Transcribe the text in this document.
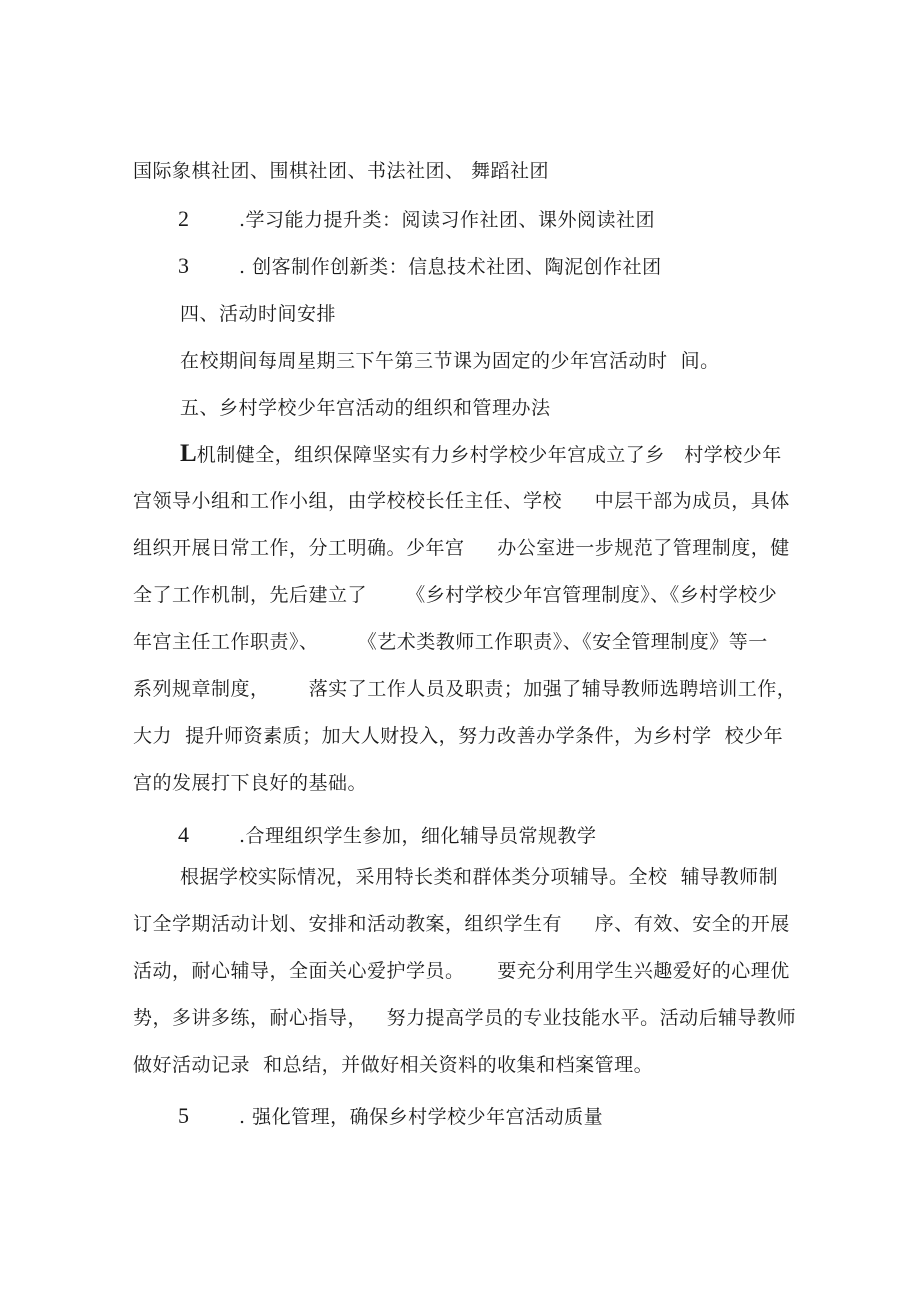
国际象棋社团、围棋社团、书法社团、 舞蹈社团
2	.学习能力提升类：阅读习作社团、课外阅读社团
3	. 创客制作创新类：信息技术社团、陶泥创作社团
四、活动时间安排
在校期间每周星期三下午第三节课为固定的少年宫活动时  间。
五、乡村学校少年宫活动的组织和管理办法
L机制健全，组织保障坚实有力乡村学校少年宫成立了乡   村学校少年
宫领导小组和工作小组，由学校校长任主任、学校     中层干部为成员，具体
组织开展日常工作，分工明确。少年宫     办公室进一步规范了管理制度，健
全了工作机制，先后建立了      《乡村学校少年宫管理制度》、《乡村学校少
年宫主任工作职责》、      《艺术类教师工作职责》、《安全管理制度》等一
系列规章制度，      落实了工作人员及职责；加强了辅导教师选聘培训工作，
大力  提升师资素质；加大人财投入，努力改善办学条件，为乡村学  校少年
宫的发展打下良好的基础。
4	.合理组织学生参加，细化辅导员常规教学
根据学校实际情况，采用特长类和群体类分项辅导。全校  辅导教师制
订全学期活动计划、安排和活动教案，组织学生有     序、有效、安全的开展
活动，耐心辅导，全面关心爱护学员。     要充分利用学生兴趣爱好的心理优
势，多讲多练，耐心指导，   努力提高学员的专业技能水平。活动后辅导教师
做好活动记录  和总结，并做好相关资料的收集和档案管理。
5	. 强化管理，确保乡村学校少年宫活动质量
